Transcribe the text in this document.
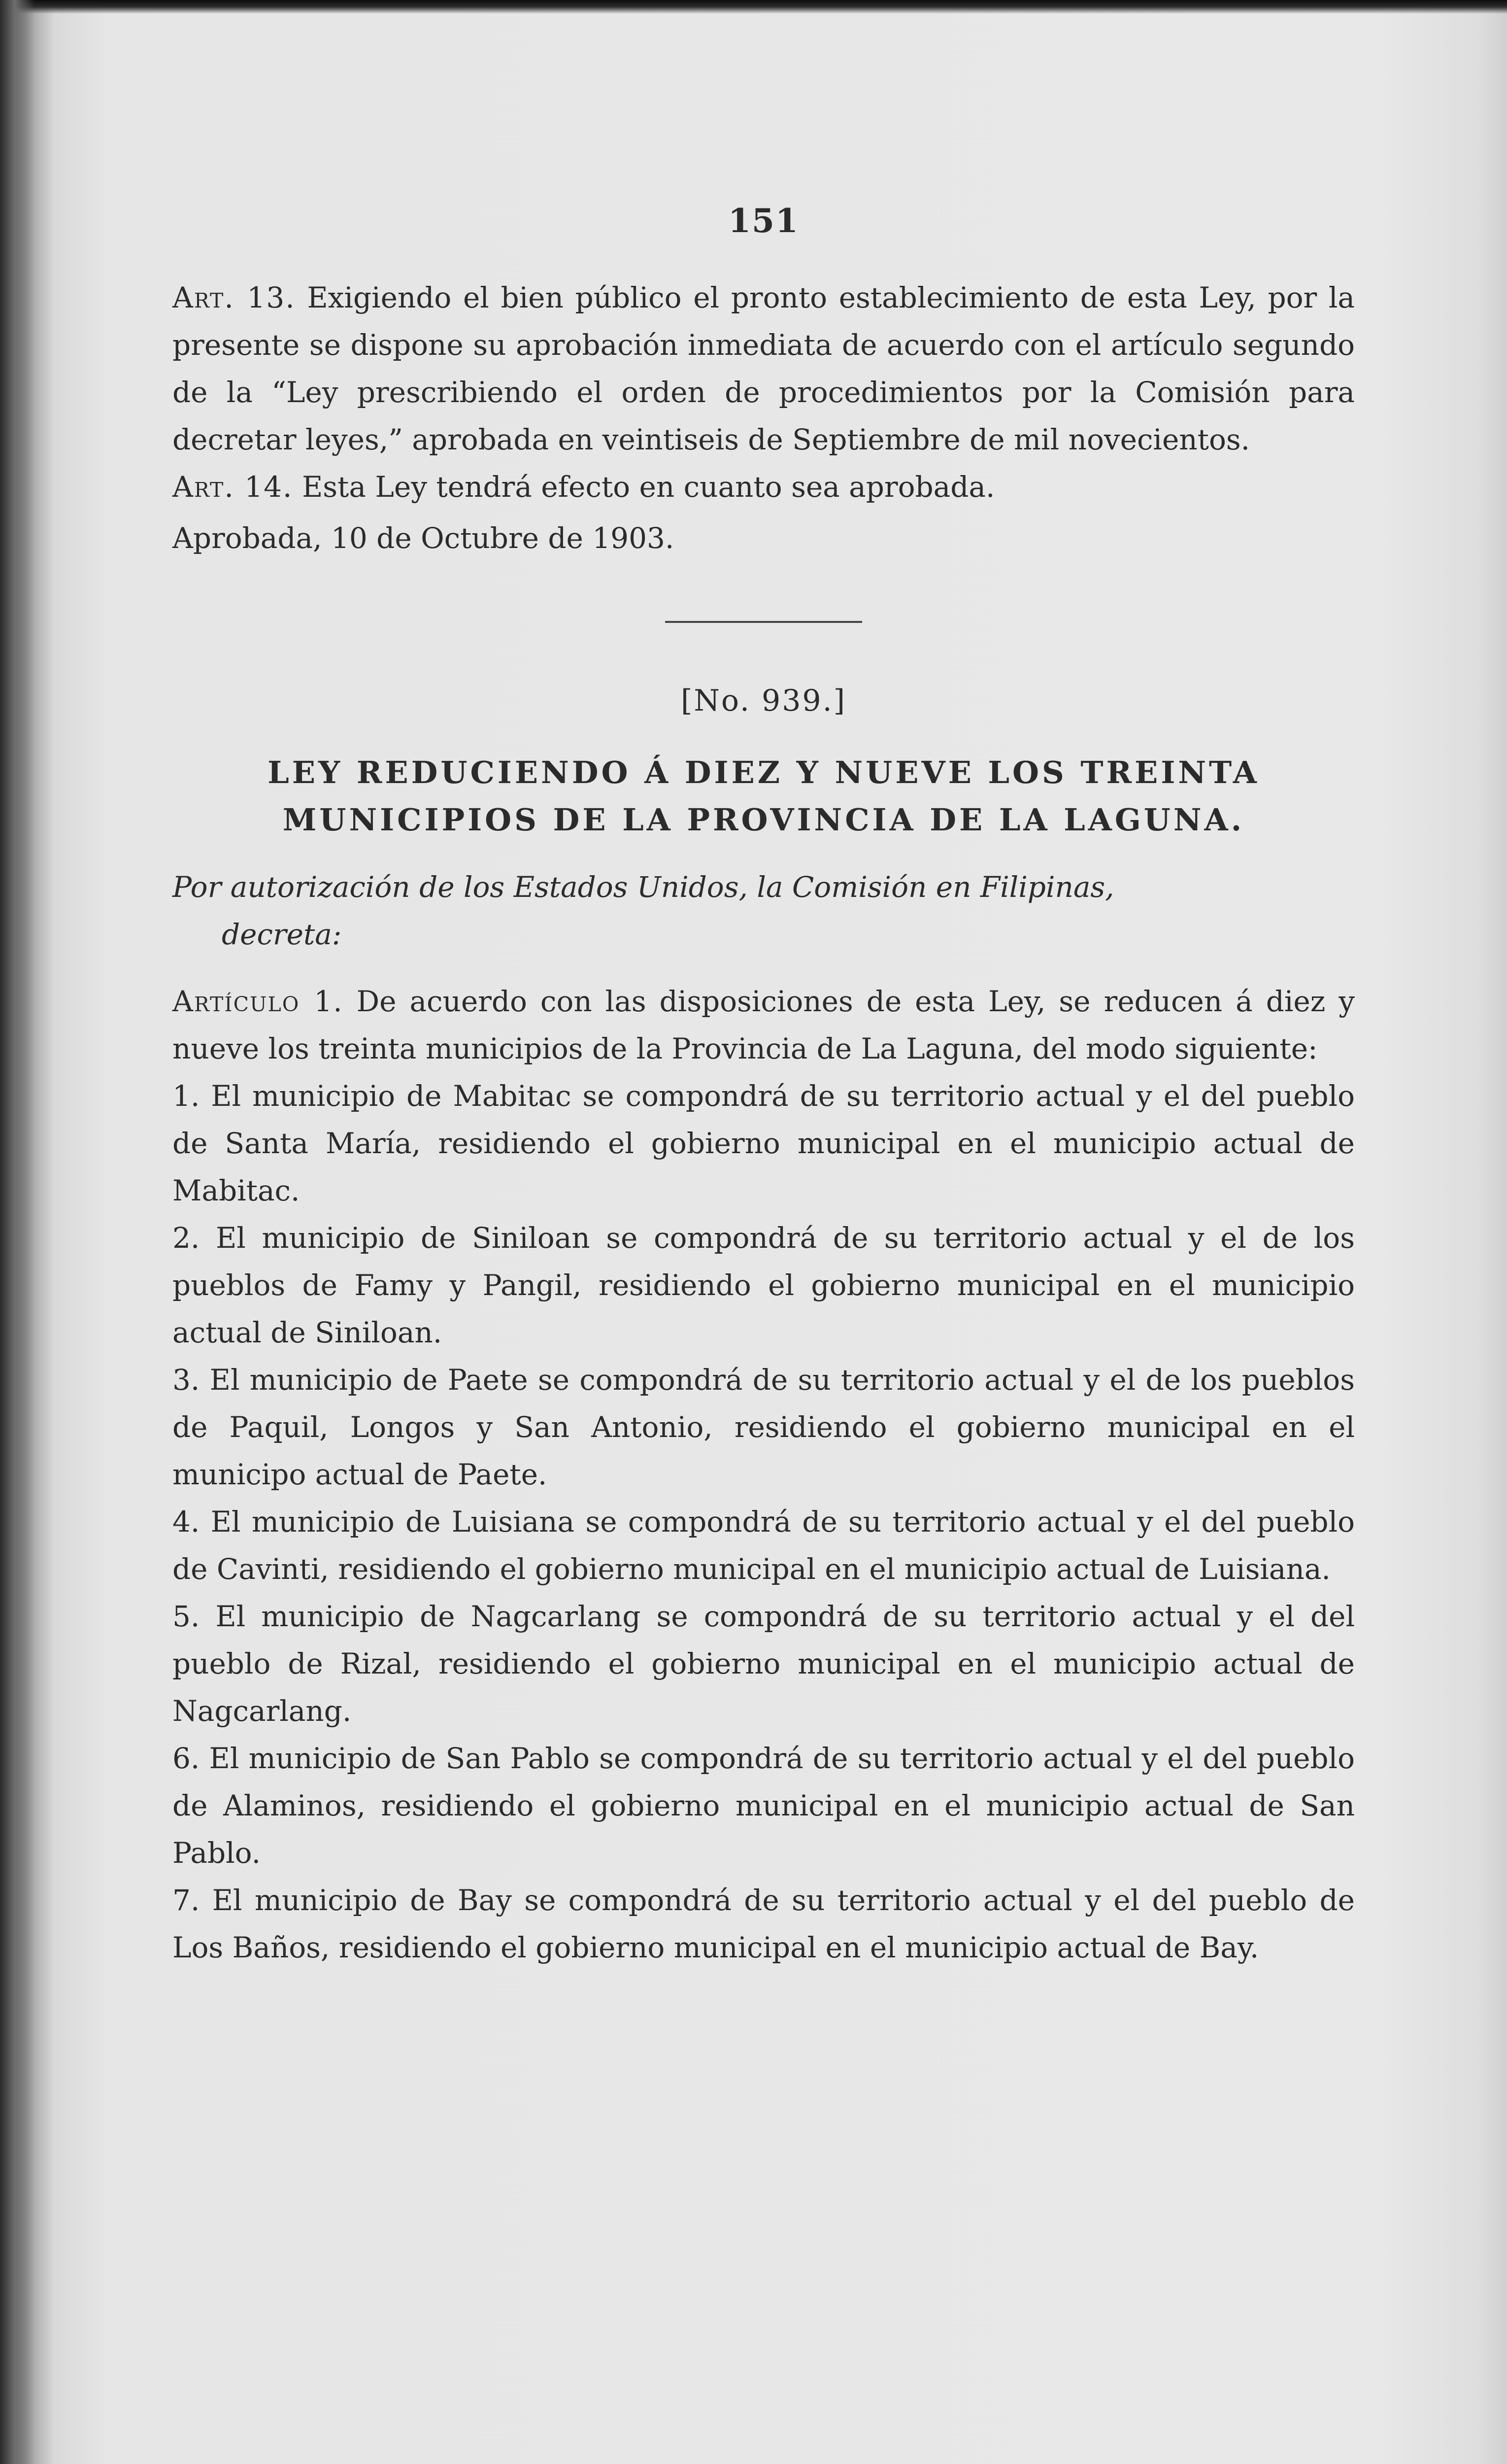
151

Art. 13. Exigiendo el bien público el pronto establecimiento de esta Ley, por la presente se dispone su aprobación inmediata de acuerdo con el artículo segundo de la “Ley prescribiendo el orden de procedimientos por la Comisión para decretar leyes,” aprobada en veintiseis de Septiembre de mil novecientos.

Art. 14. Esta Ley tendrá efecto en cuanto sea aprobada.

Aprobada, 10 de Octubre de 1903.

[No. 939.]
LEY REDUCIENDO Á DIEZ Y NUEVE LOS TREINTA
MUNICIPIOS DE LA PROVINCIA DE LA LAGUNA.

Por autorización de los Estados Unidos, la Comisión en Filipinas,
decreta:

Artículo 1. De acuerdo con las disposiciones de esta Ley, se reducen á diez y nueve los treinta municipios de la Provincia de La Laguna, del modo siguiente:

1. El municipio de Mabitac se compondrá de su territorio actual y el del pueblo de Santa María, residiendo el gobierno municipal en el municipio actual de Mabitac.

2. El municipio de Siniloan se compondrá de su territorio actual y el de los pueblos de Famy y Pangil, residiendo el gobierno municipal en el municipio actual de Siniloan.

3. El municipio de Paete se compondrá de su territorio actual y el de los pueblos de Paquil, Longos y San Antonio, residiendo el gobierno municipal en el municipo actual de Paete.

4. El municipio de Luisiana se compondrá de su territorio actual y el del pueblo de Cavinti, residiendo el gobierno municipal en el municipio actual de Luisiana.

5. El municipio de Nagcarlang se compondrá de su territorio actual y el del pueblo de Rizal, residiendo el gobierno municipal en el municipio actual de Nagcarlang.

6. El municipio de San Pablo se compondrá de su territorio actual y el del pueblo de Alaminos, residiendo el gobierno municipal en el municipio actual de San Pablo.

7. El municipio de Bay se compondrá de su territorio actual y el del pueblo de Los Baños, residiendo el gobierno municipal en el municipio actual de Bay.
